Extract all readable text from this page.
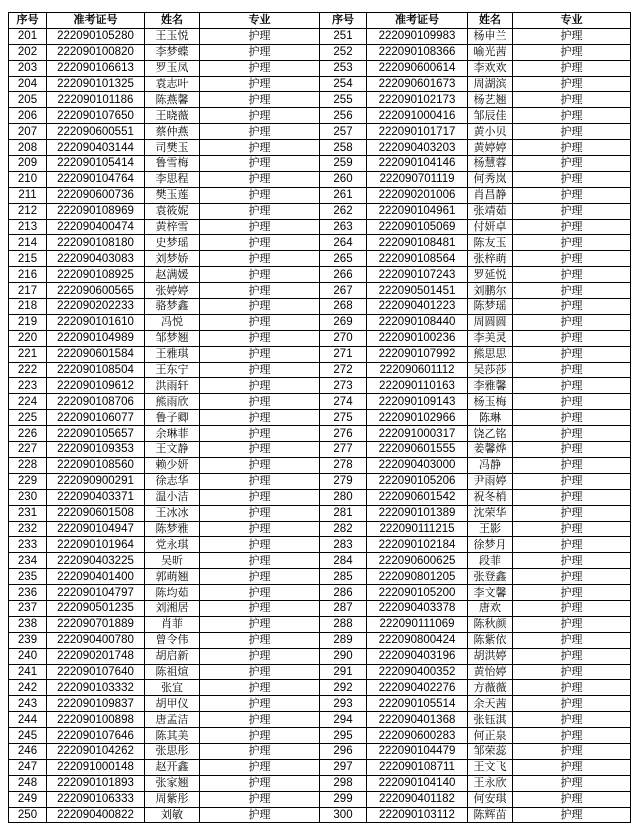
序号	准考证号	姓名	专业	序号	准考证号	姓名	专业
201	222090105280	王玉悦	护理	251	222090109983	杨申兰	护理
202	222090100820	李梦蝶	护理	252	222090108366	喻光茜	护理
203	222090106613	罗玉凤	护理	253	222090600614	李欢欢	护理
204	222090101325	袁志叶	护理	254	222090601673	周湖滨	护理
205	222090101186	陈燕馨	护理	255	222090102173	杨艺翘	护理
206	222090107650	王晓薇	护理	256	222091000416	邹辰佳	护理
207	222090600551	蔡仲燕	护理	257	222090101717	黄小贝	护理
208	222090403144	司樊玉	护理	258	222090403203	黄婷婷	护理
209	222090105414	鲁雪梅	护理	259	222090104146	杨慧蓉	护理
210	222090104764	李思程	护理	260	222090701119	何秀岚	护理
211	222090600736	樊玉莲	护理	261	222090201006	肖昌静	护理
212	222090108969	袁筱妮	护理	262	222090104961	张靖茹	护理
213	222090400474	黄梓雪	护理	263	222090105069	付妍卓	护理
214	222090108180	史梦瑶	护理	264	222090108481	陈友玉	护理
215	222090403083	刘梦娇	护理	265	222090108564	张梓萌	护理
216	222090108925	赵满媛	护理	266	222090107243	罗延悦	护理
217	222090600565	张婷婷	护理	267	222090501451	刘鹏尔	护理
218	222090202233	骆梦鑫	护理	268	222090401223	陈梦瑶	护理
219	222090101610	冯悦	护理	269	222090108440	周圆圆	护理
220	222090104989	邹梦翘	护理	270	222090100236	李美灵	护理
221	222090601584	王雅琪	护理	271	222090107992	熊思思	护理
222	222090108504	王东宁	护理	272	222090601112	吴莎莎	护理
223	222090109612	洪雨轩	护理	273	222090110163	李雅馨	护理
224	222090108706	熊雨欣	护理	274	222090109143	杨玉梅	护理
225	222090106077	鲁子卿	护理	275	222090102966	陈琳	护理
226	222090105657	余琳菲	护理	276	222091000317	饶乙铭	护理
227	222090109353	王文静	护理	277	222090601555	姜馨烨	护理
228	222090108560	赖少妍	护理	278	222090403000	冯静	护理
229	222090900291	徐志华	护理	279	222090105206	尹雨婷	护理
230	222090403371	温小洁	护理	280	222090601542	祝冬梢	护理
231	222090601508	王冰冰	护理	281	222090101389	沈荣华	护理
232	222090104947	陈梦雅	护理	282	222090111215	王影	护理
233	222090101964	党永琪	护理	283	222090102184	徐梦月	护理
234	222090403225	吴昕	护理	284	222090600625	段菲	护理
235	222090401400	郭萌翘	护理	285	222090801205	张登鑫	护理
236	222090104797	陈均茹	护理	286	222090105200	李文馨	护理
237	222090501235	刘湘居	护理	287	222090403378	唐欢	护理
238	222090701889	肖菲	护理	288	222090111069	陈秋颜	护理
239	222090400780	曾令伟	护理	289	222090800424	陈紫依	护理
240	222090201748	胡启新	护理	290	222090403196	胡洪婷	护理
241	222090107640	陈祖煊	护理	291	222090400352	黄怡婷	护理
242	222090103332	张宜	护理	292	222090402276	方薇薇	护理
243	222090109837	胡甲仪	护理	293	222090105514	余天茜	护理
244	222090100898	唐孟洁	护理	294	222090401368	张钰淇	护理
245	222090107646	陈其美	护理	295	222090600283	何正泉	护理
246	222090104262	张思彤	护理	296	222090104479	邹荣蕊	护理
247	222091000148	赵开鑫	护理	297	222090108711	王文飞	护理
248	222090101893	张家翘	护理	298	222090104140	王永欣	护理
249	222090106333	周紫彤	护理	299	222090401182	何安琪	护理
250	222090400822	刘敏	护理	300	222090103112	陈辉苗	护理
